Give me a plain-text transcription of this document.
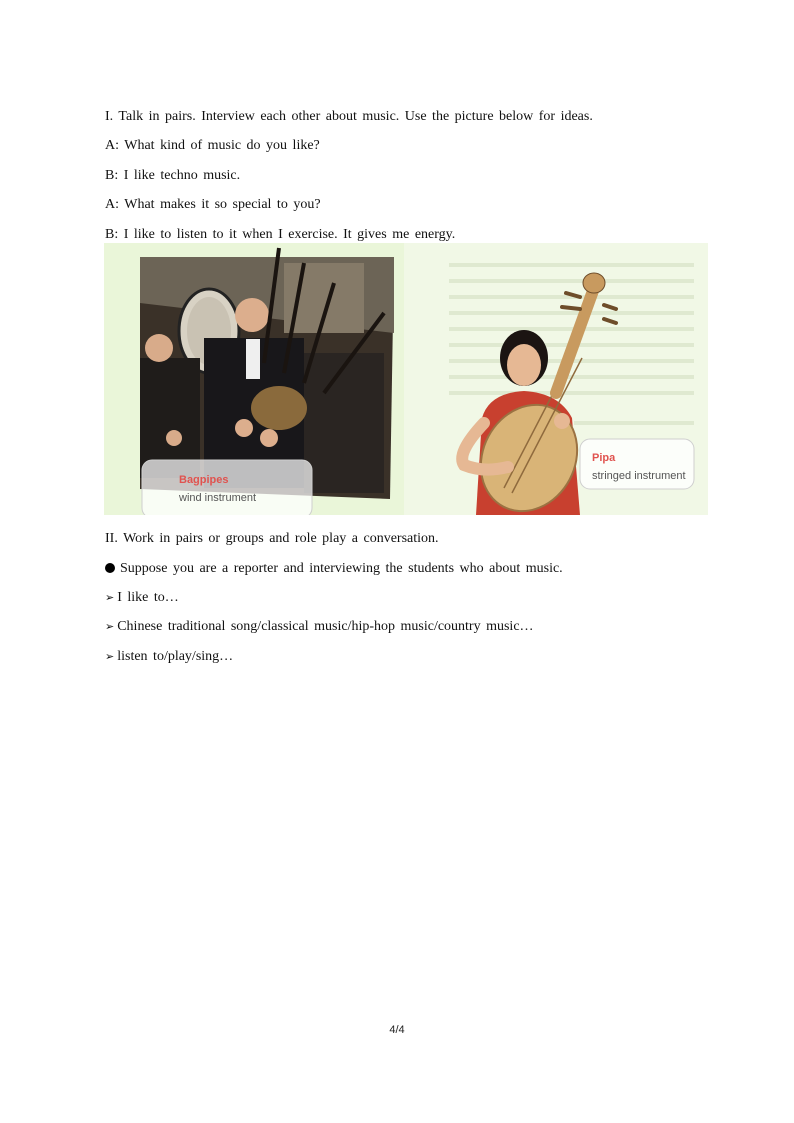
I. Talk in pairs. Interview each other about music. Use the picture below for ideas.
A: What kind of music do you like?
B: I like techno music.
A: What makes it so special to you?
B: I like to listen to it when I exercise. It gives me energy.
Bagpipes
wind instrument
Pipa
stringed instrument
II. Work in pairs or groups and role play a conversation.
Suppose you are a reporter and interviewing the students who about music.
➢ I like to…
➢ Chinese traditional song/classical music/hip-hop music/country music…
➢ listen to/play/sing…
4/4
